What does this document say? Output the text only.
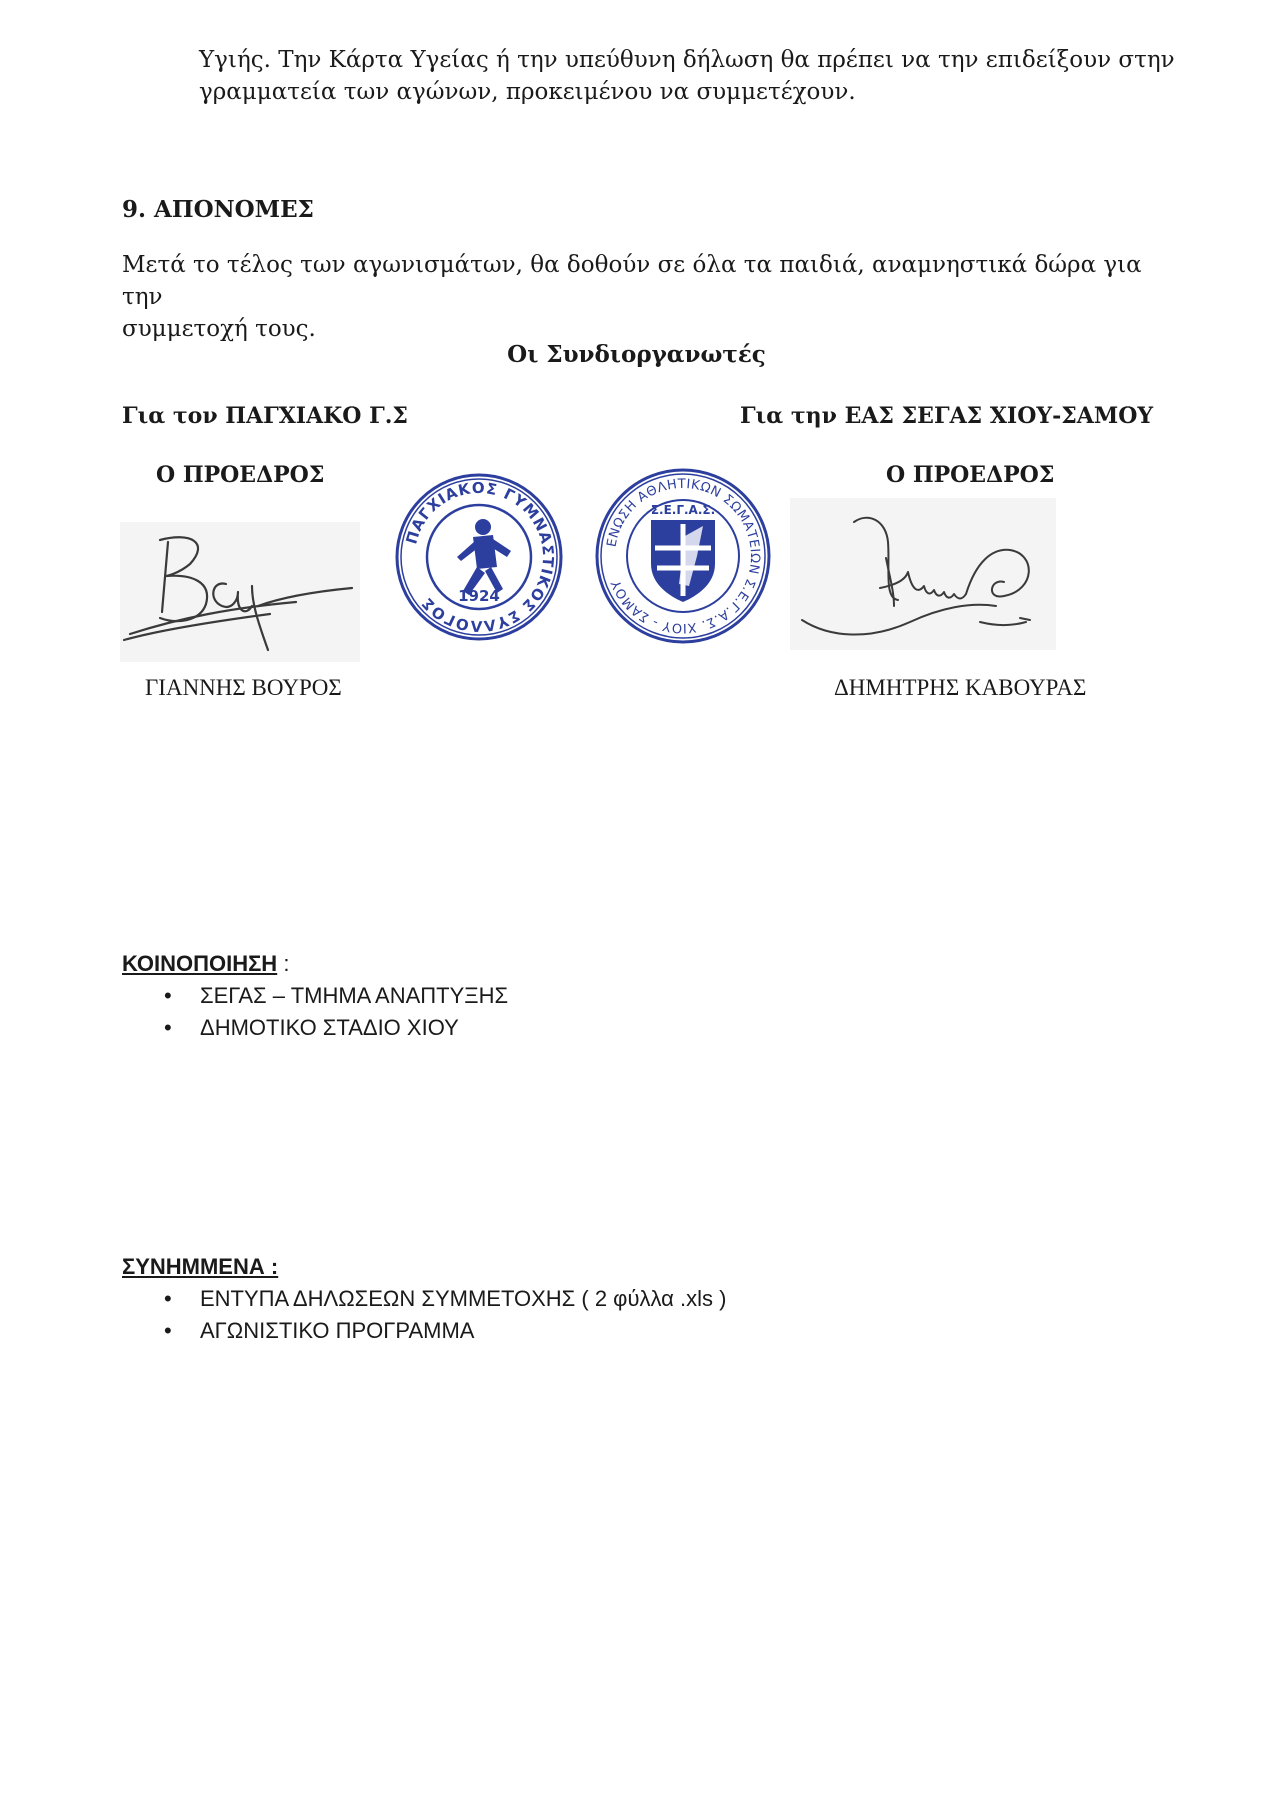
Υγιής. Την Κάρτα Υγείας ή την υπεύθυνη δήλωση θα πρέπει να την επιδείξουν στην
γραμματεία των αγώνων, προκειμένου να συμμετέχουν.
9. ΑΠΟΝΟΜΕΣ
Μετά το τέλος των αγωνισμάτων, θα δοθούν σε όλα τα παιδιά, αναμνηστικά δώρα για την
συμμετοχή τους.
Οι Συνδιοργανωτές
Για τον ΠΑΓΧΙΑΚΟ Γ.Σ	Για την ΕΑΣ ΣΕΓΑΣ ΧΙΟΥ-ΣΑΜΟΥ
Ο ΠΡΟΕΔΡΟΣ	Ο ΠΡΟΕΔΡΟΣ
ΠΑΓΧΙΑΚΟΣ ΓΥΜΝΑΣΤΙΚΟΣ ΣΥΛΛΟΓΟΣ	1924
ΕΝΩΣΗ ΑΘΛΗΤΙΚΩΝ ΣΩΜΑΤΕΙΩΝ Σ.Ε.Γ.Α.Σ. ΧΙΟΥ - ΣΑΜΟΥ
Σ.Ε.Γ.Α.Σ.
ΓΙΑΝΝΗΣ ΒΟΥΡΟΣ	ΔΗΜΗΤΡΗΣ ΚΑΒΟΥΡΑΣ
ΚΟΙΝΟΠΟΙΗΣΗ :
• ΣΕΓΑΣ – ΤΜΗΜΑ ΑΝΑΠΤΥΞΗΣ
• ΔΗΜΟΤΙΚΟ ΣΤΑΔΙΟ ΧΙΟΥ
ΣΥΝΗΜΜΕΝΑ :
• ΕΝΤΥΠΑ ΔΗΛΩΣΕΩΝ ΣΥΜΜΕΤΟΧΗΣ ( 2 φύλλα .xls )
• ΑΓΩΝΙΣΤΙΚΟ ΠΡΟΓΡΑΜΜΑ
